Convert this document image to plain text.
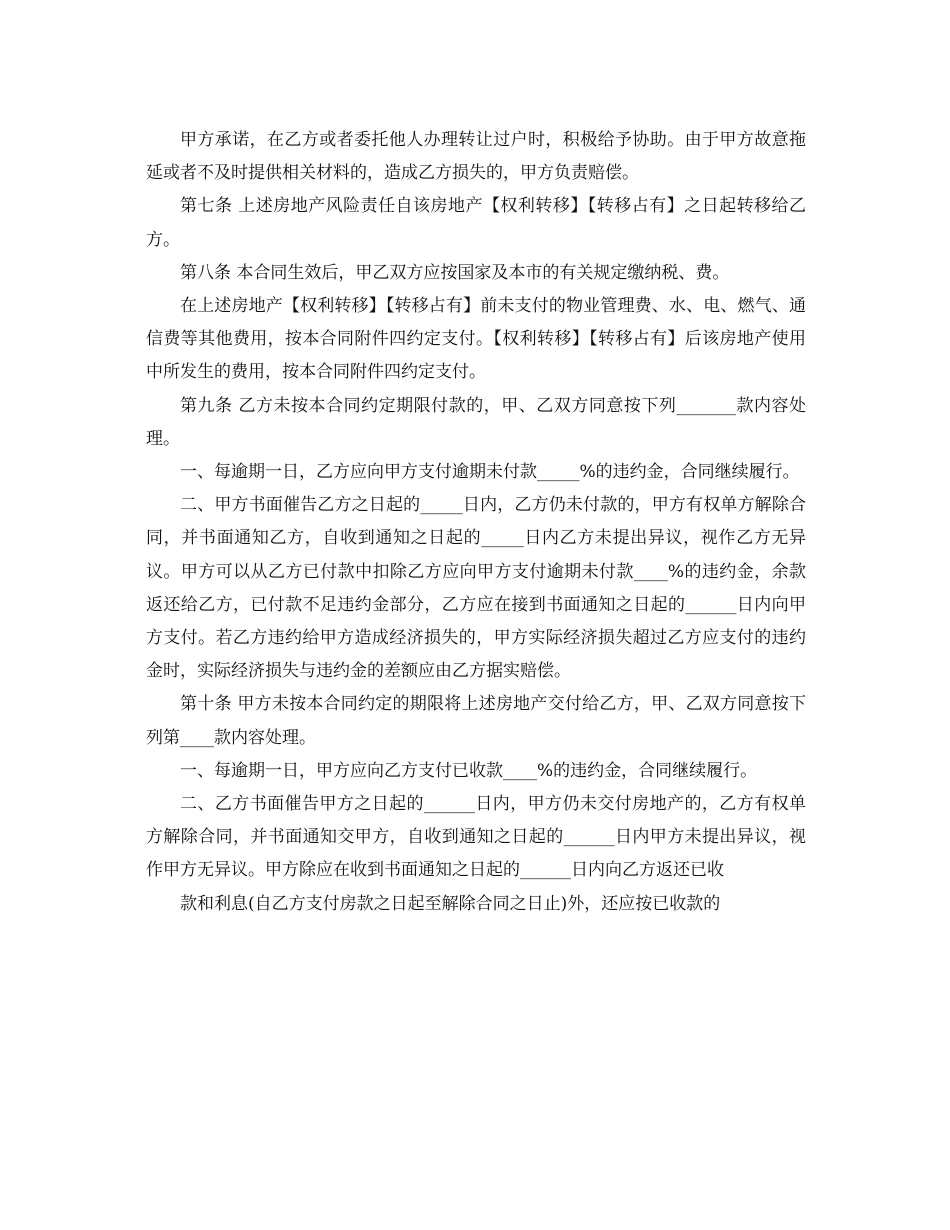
甲方承诺，在乙方或者委托他人办理转让过户时，积极给予协助。由于甲方故意拖延或者不及时提供相关材料的，造成乙方损失的，甲方负责赔偿。

第七条 上述房地产风险责任自该房地产【权利转移】【转移占有】之日起转移给乙方。

第八条 本合同生效后，甲乙双方应按国家及本市的有关规定缴纳税、费。

在上述房地产【权利转移】【转移占有】前未支付的物业管理费、水、电、燃气、通信费等其他费用，按本合同附件四约定支付。【权利转移】【转移占有】后该房地产使用中所发生的费用，按本合同附件四约定支付。

第九条 乙方未按本合同约定期限付款的，甲、乙双方同意按下列_______款内容处理。

一、每逾期一日，乙方应向甲方支付逾期未付款_____%的违约金，合同继续履行。

二、甲方书面催告乙方之日起的_____日内，乙方仍未付款的，甲方有权单方解除合同，并书面通知乙方，自收到通知之日起的_____日内乙方未提出异议，视作乙方无异议。甲方可以从乙方已付款中扣除乙方应向甲方支付逾期未付款____%的违约金，余款返还给乙方，已付款不足违约金部分，乙方应在接到书面通知之日起的______日内向甲方支付。若乙方违约给甲方造成经济损失的，甲方实际经济损失超过乙方应支付的违约金时，实际经济损失与违约金的差额应由乙方据实赔偿。

第十条 甲方未按本合同约定的期限将上述房地产交付给乙方，甲、乙双方同意按下列第____款内容处理。

一、每逾期一日，甲方应向乙方支付已收款____%的违约金，合同继续履行。

二、乙方书面催告甲方之日起的______日内，甲方仍未交付房地产的，乙方有权单方解除合同，并书面通知交甲方，自收到通知之日起的______日内甲方未提出异议，视作甲方无异议。甲方除应在收到书面通知之日起的______日内向乙方返还已收

款和利息(自乙方支付房款之日起至解除合同之日止)外，还应按已收款的
